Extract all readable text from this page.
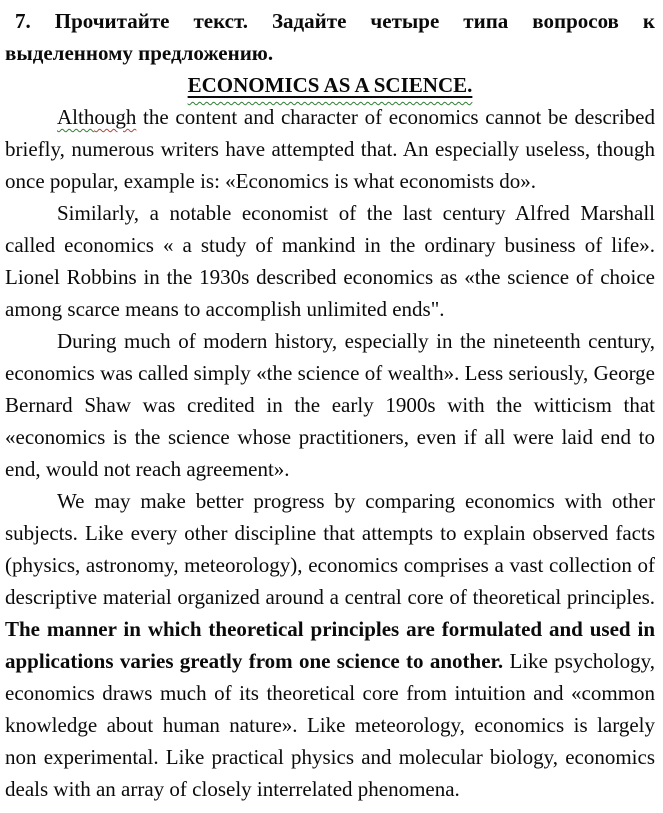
7. Прочитайте текст. Задайте четыре типа вопросов к выделенному предложению.

ECONOMICS AS A SCIENCE.

Although the content and character of economics cannot be described briefly, numerous writers have attempted that. An especially useless, though once popular, example is: «Economics is what economists do».

Similarly, a notable economist of the last century Alfred Marshall called economics « a study of mankind in the ordinary business of life». Lionel Robbins in the 1930s described economics as «the science of choice among scarce means to accomplish unlimited ends".

During much of modern history, especially in the nineteenth century, economics was called simply «the science of wealth». Less seriously, George Bernard Shaw was credited in the early 1900s with the witticism that «economics is the science whose practitioners, even if all were laid end to end, would not reach agreement».

We may make better progress by comparing economics with other subjects. Like every other discipline that attempts to explain observed facts (physics, astronomy, meteorology), economics comprises a vast collection of descriptive material organized around a central core of theoretical principles. The manner in which theoretical principles are formulated and used in applications varies greatly from one science to another. Like psychology, economics draws much of its theoretical core from intuition and «common knowledge about human nature». Like meteorology, economics is largely non experimental. Like practical physics and molecular biology, economics deals with an array of closely interrelated phenomena.
